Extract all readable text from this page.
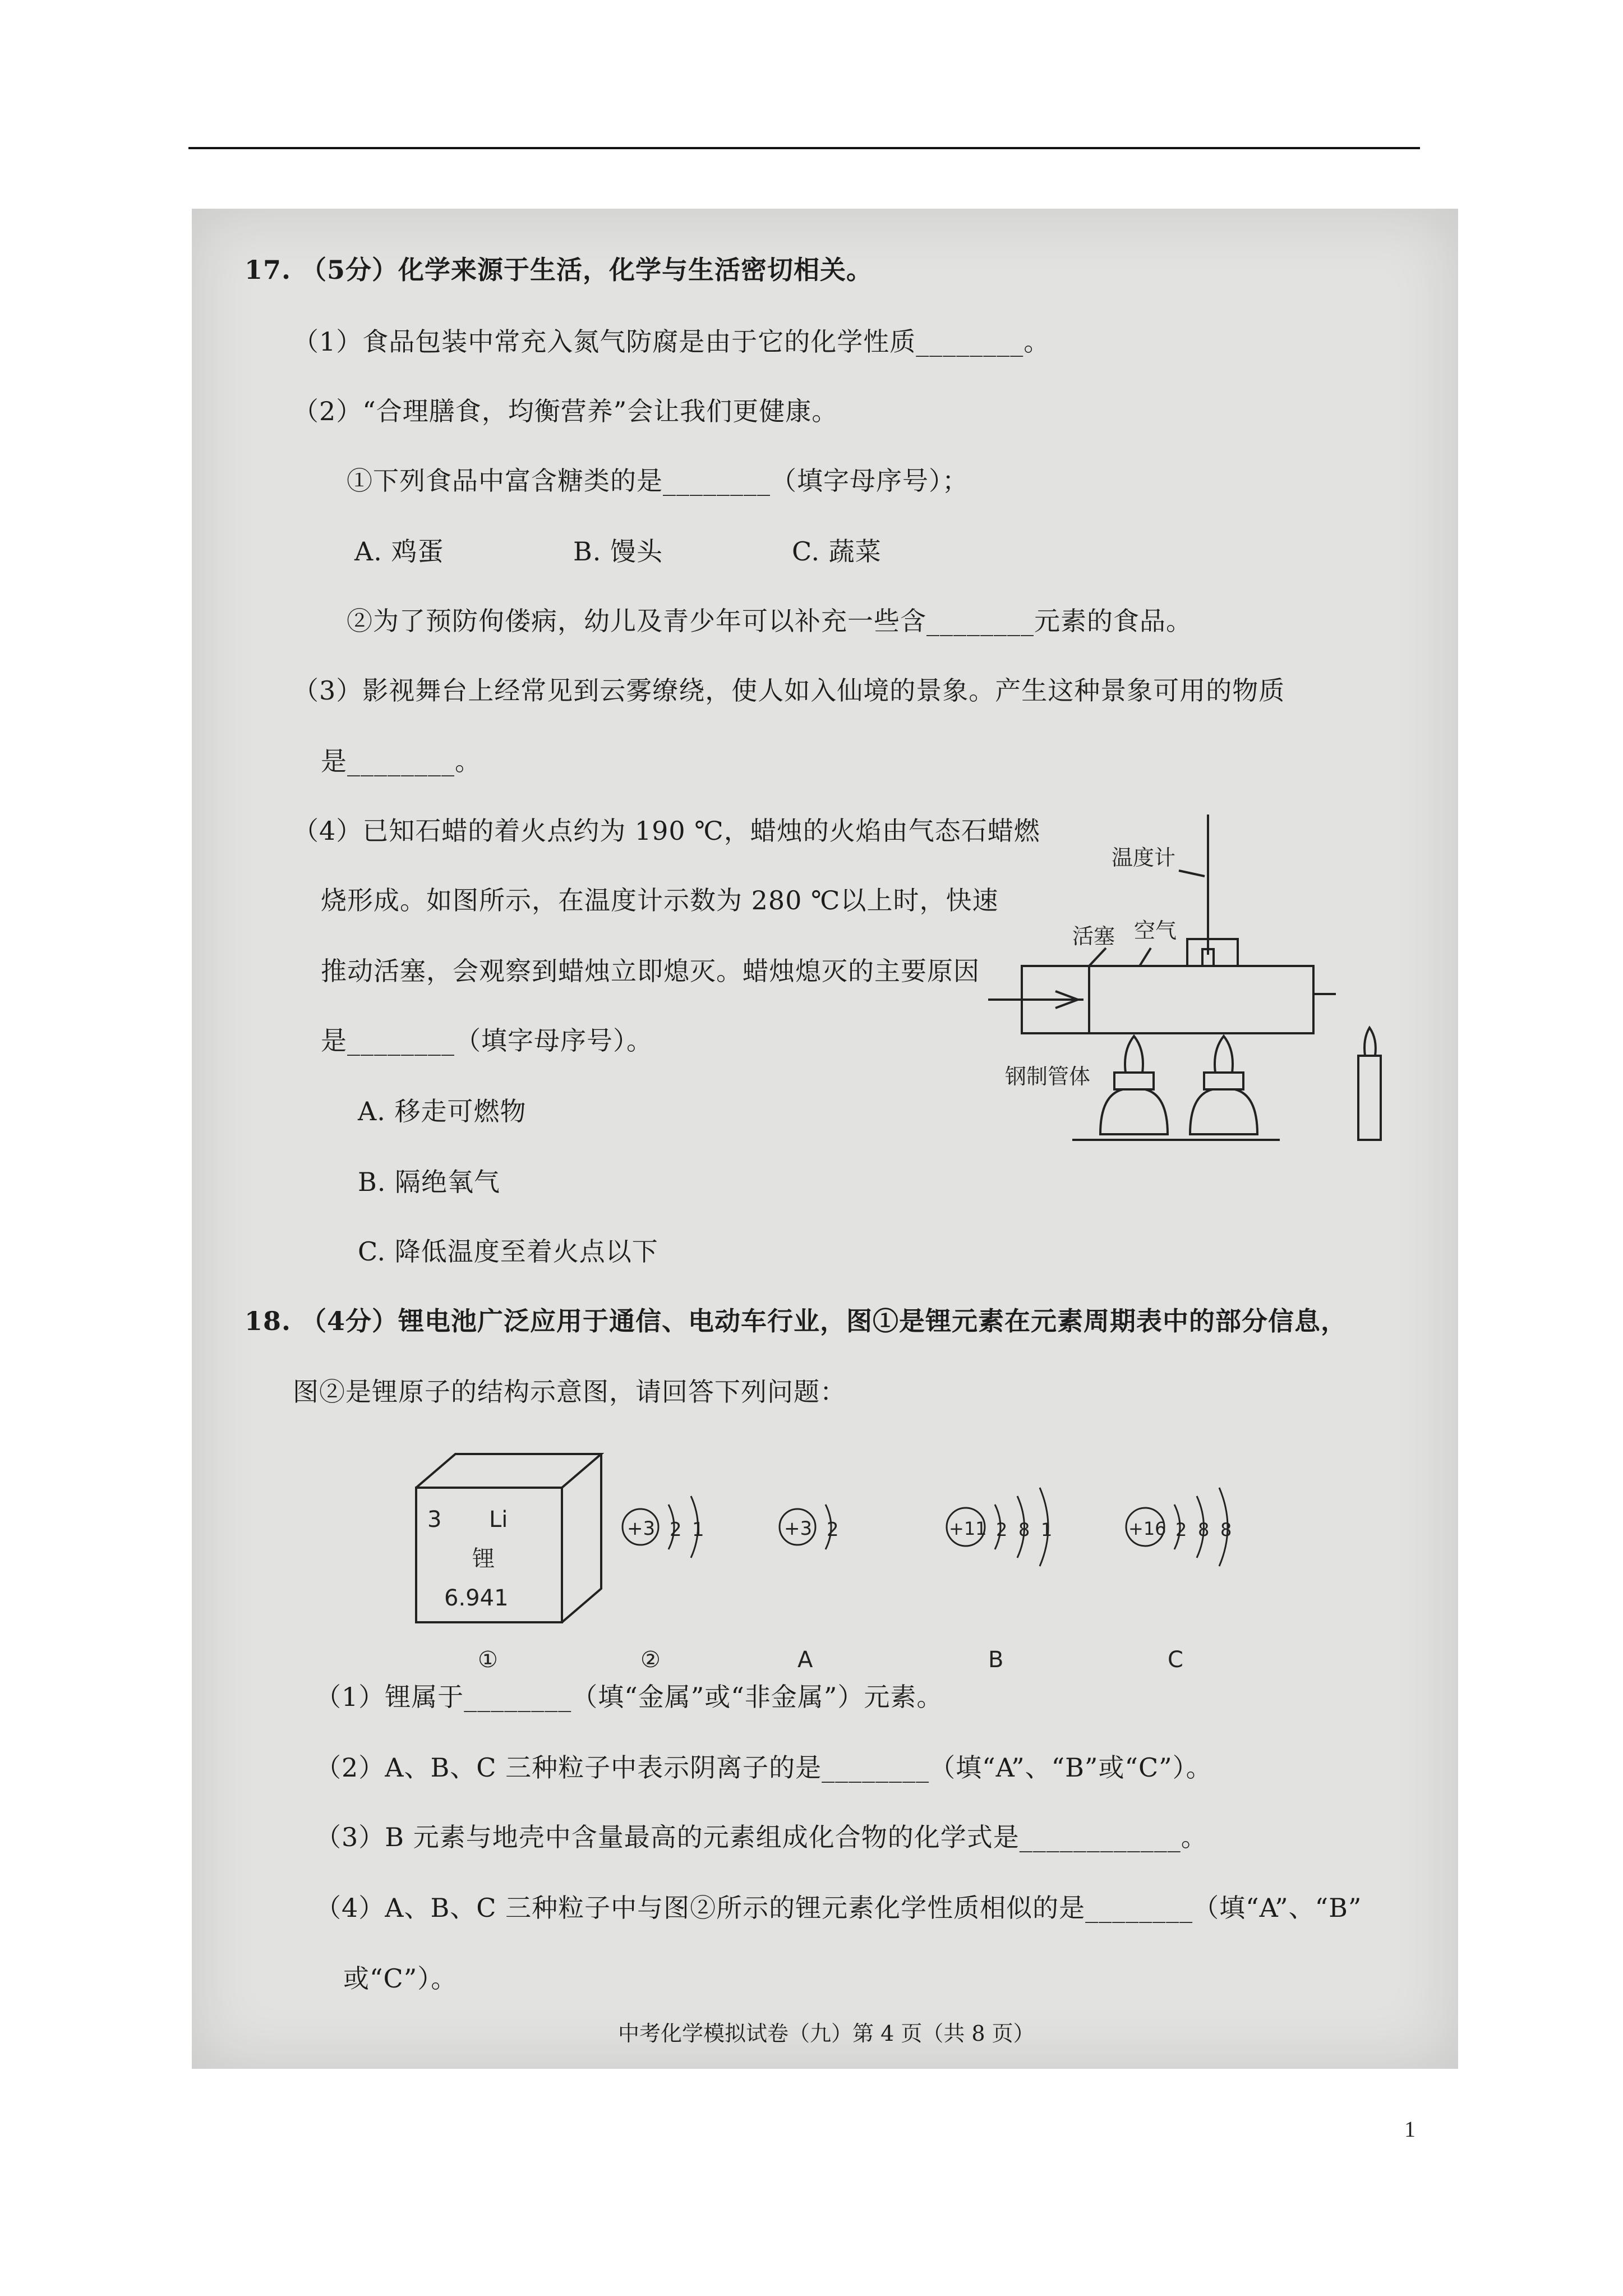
17. （5分）化学来源于生活，化学与生活密切相关。
（1）食品包装中常充入氮气防腐是由于它的化学性质________。
（2）“合理膳食，均衡营养”会让我们更健康。
①下列食品中富含糖类的是________（填字母序号）；
A. 鸡蛋	B. 馒头	C. 蔬菜
②为了预防佝偻病，幼儿及青少年可以补充一些含________元素的食品。
（3）影视舞台上经常见到云雾缭绕，使人如入仙境的景象。产生这种景象可用的物质
是________。
（4）已知石蜡的着火点约为 190 ℃，蜡烛的火焰由气态石蜡燃
烧形成。如图所示，在温度计示数为 280 ℃以上时，快速
推动活塞，会观察到蜡烛立即熄灭。蜡烛熄灭的主要原因
是________（填字母序号）。
A. 移走可燃物
B. 隔绝氧气
C. 降低温度至着火点以下
温度计
活塞 空气
钢制管体
18. （4分）锂电池广泛应用于通信、电动车行业，图①是锂元素在元素周期表中的部分信息，
图②是锂原子的结构示意图，请回答下列问题：
3 Li
锂
6.941
①
+3 2 1
②
+3 2
A
+11 2 8 1
B
+16 2 8 8
C
（1）锂属于________（填“金属”或“非金属”）元素。
（2）A、B、C 三种粒子中表示阴离子的是________（填“A”、“B”或“C”）。
（3）B 元素与地壳中含量最高的元素组成化合物的化学式是____________。
（4）A、B、C 三种粒子中与图②所示的锂元素化学性质相似的是________（填“A”、“B”
或“C”）。
中考化学模拟试卷（九）第 4 页（共 8 页）
1
